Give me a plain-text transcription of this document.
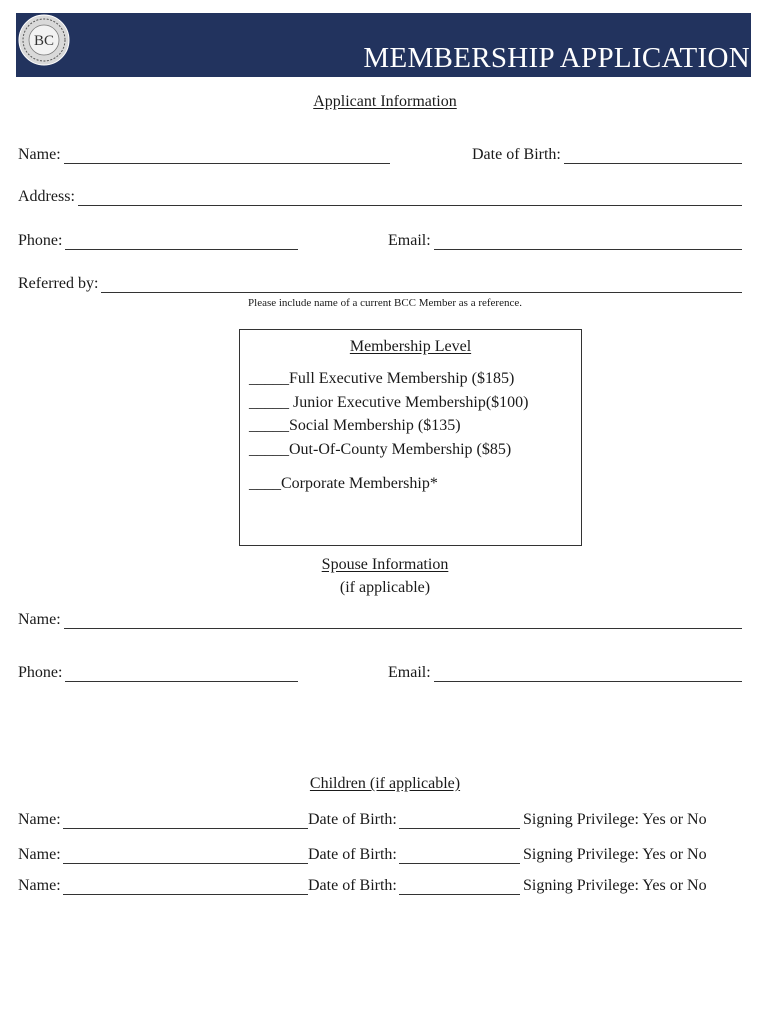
BC
MEMBERSHIP APPLICATION
Applicant Information
Name:	Date of Birth:
Address:
Phone:	Email:
Referred by:
Please include name of a current BCC Member as a reference.
Membership Level
_____Full Executive Membership ($185)
_____ Junior Executive Membership($100)
_____Social Membership ($135)
_____Out-Of-County Membership ($85)
____Corporate Membership*
Spouse Information
(if applicable)
Name:
Phone:	Email:
Children (if applicable)
Name:	Date of Birth:	Signing Privilege: Yes or No
Name:	Date of Birth:	Signing Privilege: Yes or No
Name:	Date of Birth:	Signing Privilege: Yes or No
